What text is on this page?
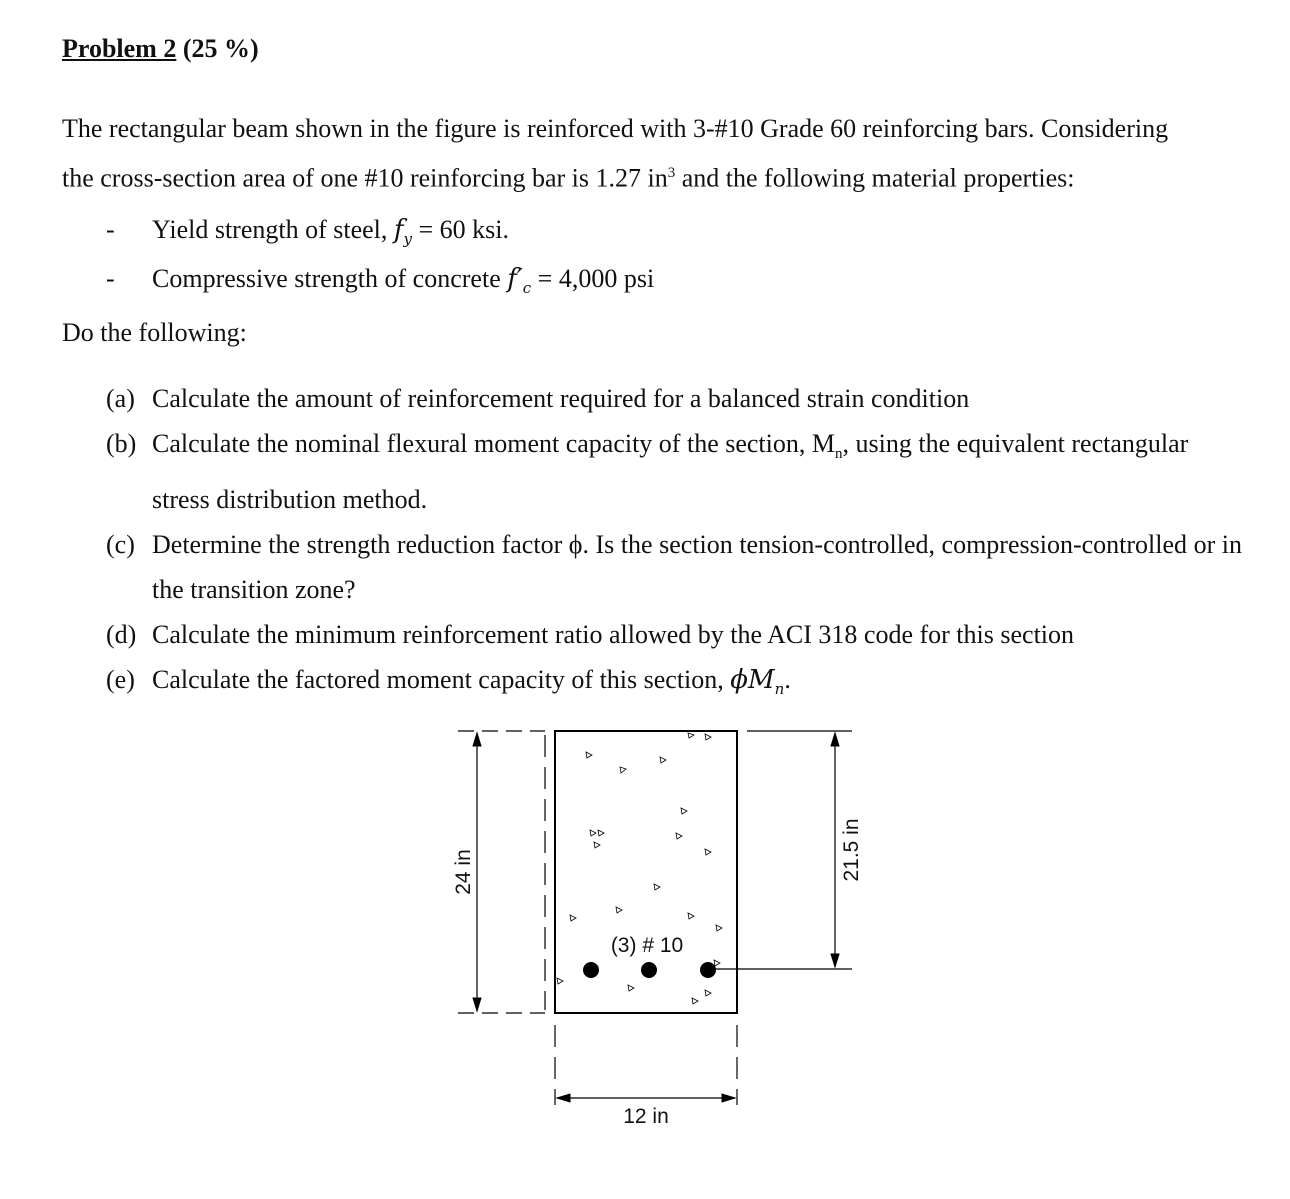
Problem 2 (25 %)

The rectangular beam shown in the figure is reinforced with 3-#10 Grade 60 reinforcing bars. Considering

the cross-section area of one #10 reinforcing bar is 1.27 $in^3$ and the following material properties:

- Yield strength of steel, $f_y = 60$ ksi.
- Compressive strength of concrete $f'_c = 4,000$ psi
Do the following:
(a) Calculate the amount of reinforcement required for a balanced strain condition
(b) Calculate the nominal flexural moment capacity of the section, $M_n$, using the equivalent rectangular stress distribution method.
(c) Determine the strength reduction factor ϕ. Is the section tension-controlled, compression-controlled or in the transition zone?
(d) Calculate the minimum reinforcement ratio allowed by the ACI 318 code for this section
(e) Calculate the factored moment capacity of this section, $\phi M_n$.
24 in	21.5 in
12 in
(3) # 10
